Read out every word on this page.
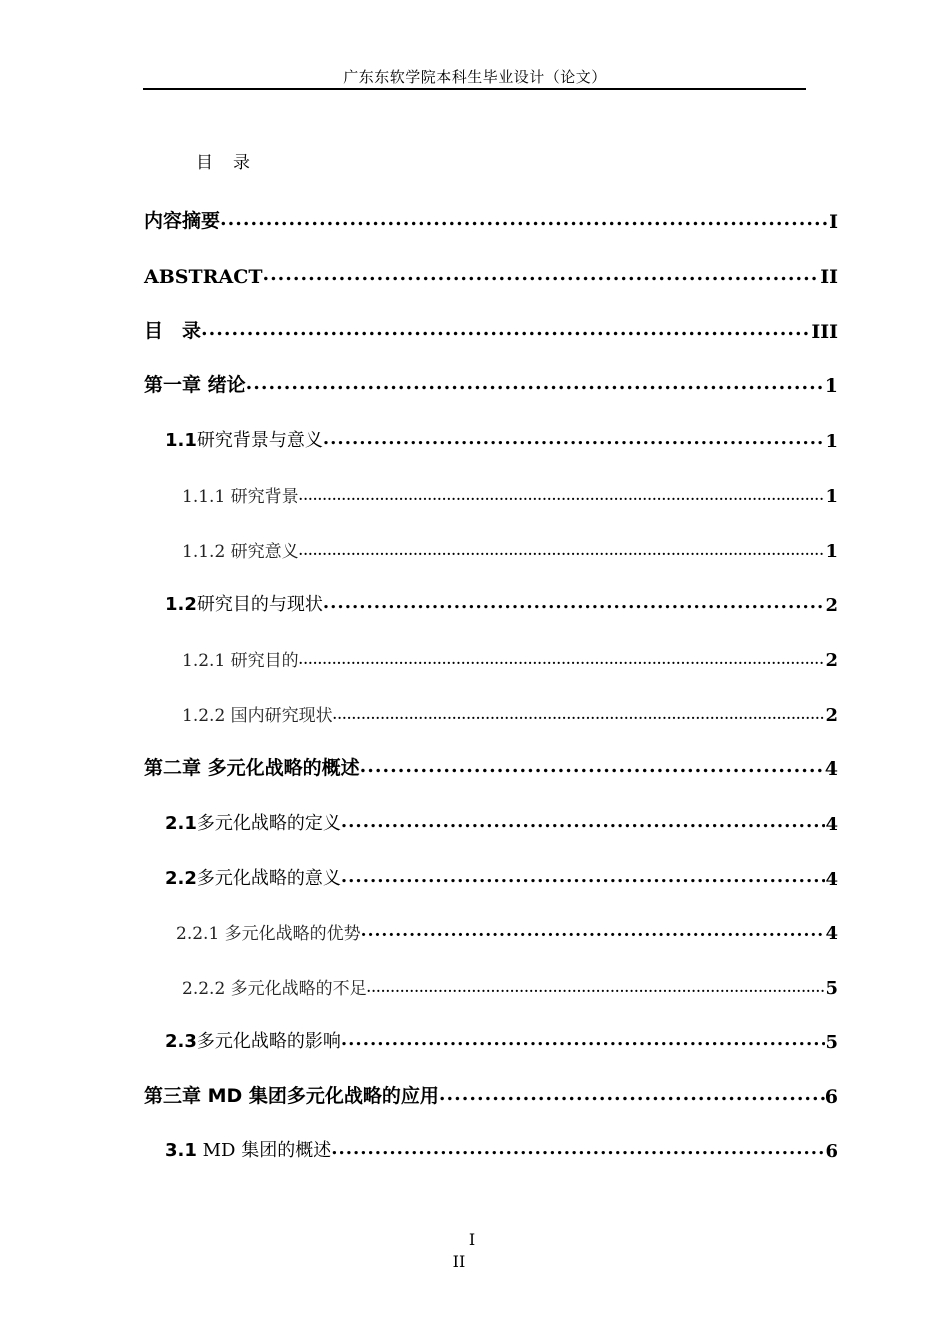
广东东软学院本科生毕业设计（论文）
目 录
内容摘要 .....	I
ABSTRACT .....	II
目　录 .....	III
第一章 绪论 .....	1
1.1研究背景与意义 .....	1
1.1.1 研究背景 .....	1
1.1.2 研究意义 .....	1
1.2研究目的与现状 .....	2
1.2.1 研究目的 .....	2
1.2.2 国内研究现状 .....	2
第二章 多元化战略的概述 .....	4
2.1多元化战略的定义 .....	4
2.2多元化战略的意义 .....	4
2.2.1 多元化战略的优势 .....	4
2.2.2 多元化战略的不足 .....	5
2.3多元化战略的影响 .....	5
第三章 MD 集团多元化战略的应用 .....	6
3.1 MD 集团的概述 .....	6
I
II
